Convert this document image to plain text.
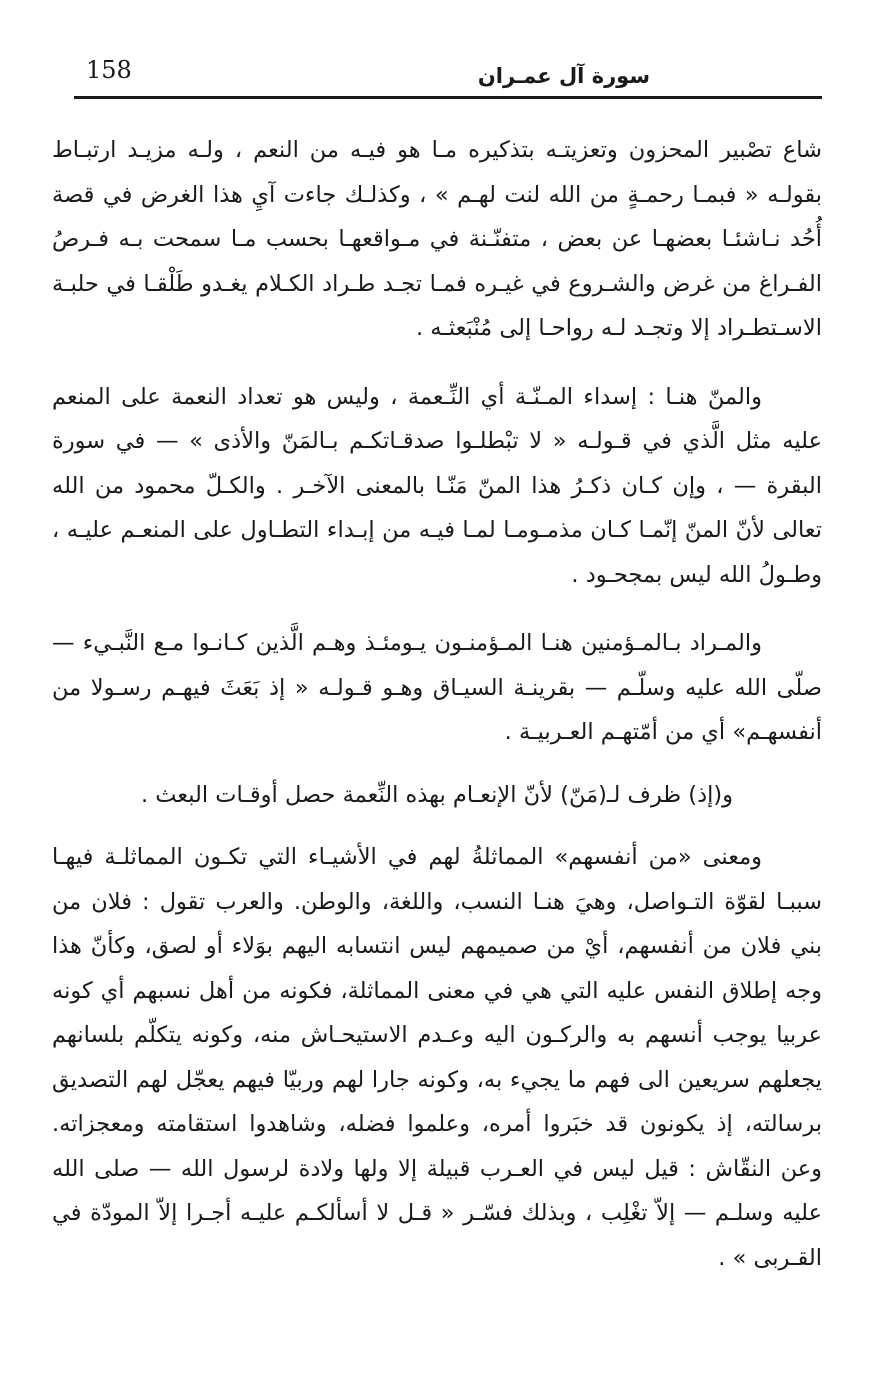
158	سورة آل عمـران

شاع تصْبير المحزون وتعزيتـه بتذكيره مـا هو فيـه من النعم ، ولـه مزيـد ارتبـاط بقولـه « فبمـا رحمـةٍ من الله لنت لهـم » ، وكذلـك جاءت آيِ هذا الغرض في قصة أُحُد نـاشئـا بعضهـا عن بعض ، متفنّـنة في مـواقعهـا بحسب مـا سمحت بـه فـرصُ الفـراغ من غرض والشـروع في غيـره فمـا تجـد طـراد الكـلام يغـدو طَلْقـا في حلبـة الاسـتطـراد إلا وتجـد لـه رواحـا إلى مُنْبَعثـه .

والمنّ هنـا : إسداء المـنّـة أي النِّـعمة ، وليس هو تعداد النعمة على المنعم عليه مثل الَّذي في قـولـه « لا تبْطلـوا صدقـاتكـم بـالمَنّ والأذى » — في سورة البقرة — ، وإن كـان ذكـرُ هذا المنّ مَنّـا بالمعنى الآخـر . والكـلّ محمود من الله تعالى لأنّ المنّ إنّمـا كـان مذمـومـا لمـا فيـه من إبـداء التطـاول على المنعـم عليـه ، وطـولُ الله ليس بمجحـود .

والمـراد بـالمـؤمنين هنـا المـؤمنـون يـومئـذ وهـم الَّذين كـانـوا مـع النَّبـيء — صلّى الله عليه وسلّـم — بقرينـة السيـاق وهـو قـولـه « إذ بَعَثَ فيهـم رسـولا من أنفسهـم» أي من أمّتهـم العـربيـة .

و(إذ) ظرف لـ(مَنّ) لأنّ الإنعـام بهذه النِّعمة حصل أوقـات البعث .

ومعنى «من أنفسهم» المماثلةُ لهم في الأشيـاء التي تكـون المماثلـة فيهـا سببـا لقوّة التـواصل، وهيَ هنـا النسب، واللغة، والوطن. والعرب تقول : فلان من بني فلان من أنفسهم، أيْ من صميمهم ليس انتسابه اليهم بوَلاء أو لصق، وكأنّ هذا وجه إطلاق النفس عليه التي هي في معنى المماثلة، فكونه من أهل نسبهم أي كونه عربيا يوجب أنسهم به والركـون اليه وعـدم الاستيحـاش منه، وكونه يتكلّم بلسانهم يجعلهم سريعين الى فهم ما يجيء به، وكونه جارا لهم وربيّا فيهم يعجّل لهم التصديق برسالته، إذ يكونون قد خبَروا أمره، وعلموا فضله، وشاهدوا استقامته ومعجزاته. وعن النقّاش : قيل ليس في العـرب قبيلة إلا ولها ولادة لرسول الله — صلى الله عليه وسلـم — إلاّ تغْلِب ، وبذلك فسّـر « قـل لا أسألكـم عليـه أجـرا إلاّ المودّة في القـربى » .
